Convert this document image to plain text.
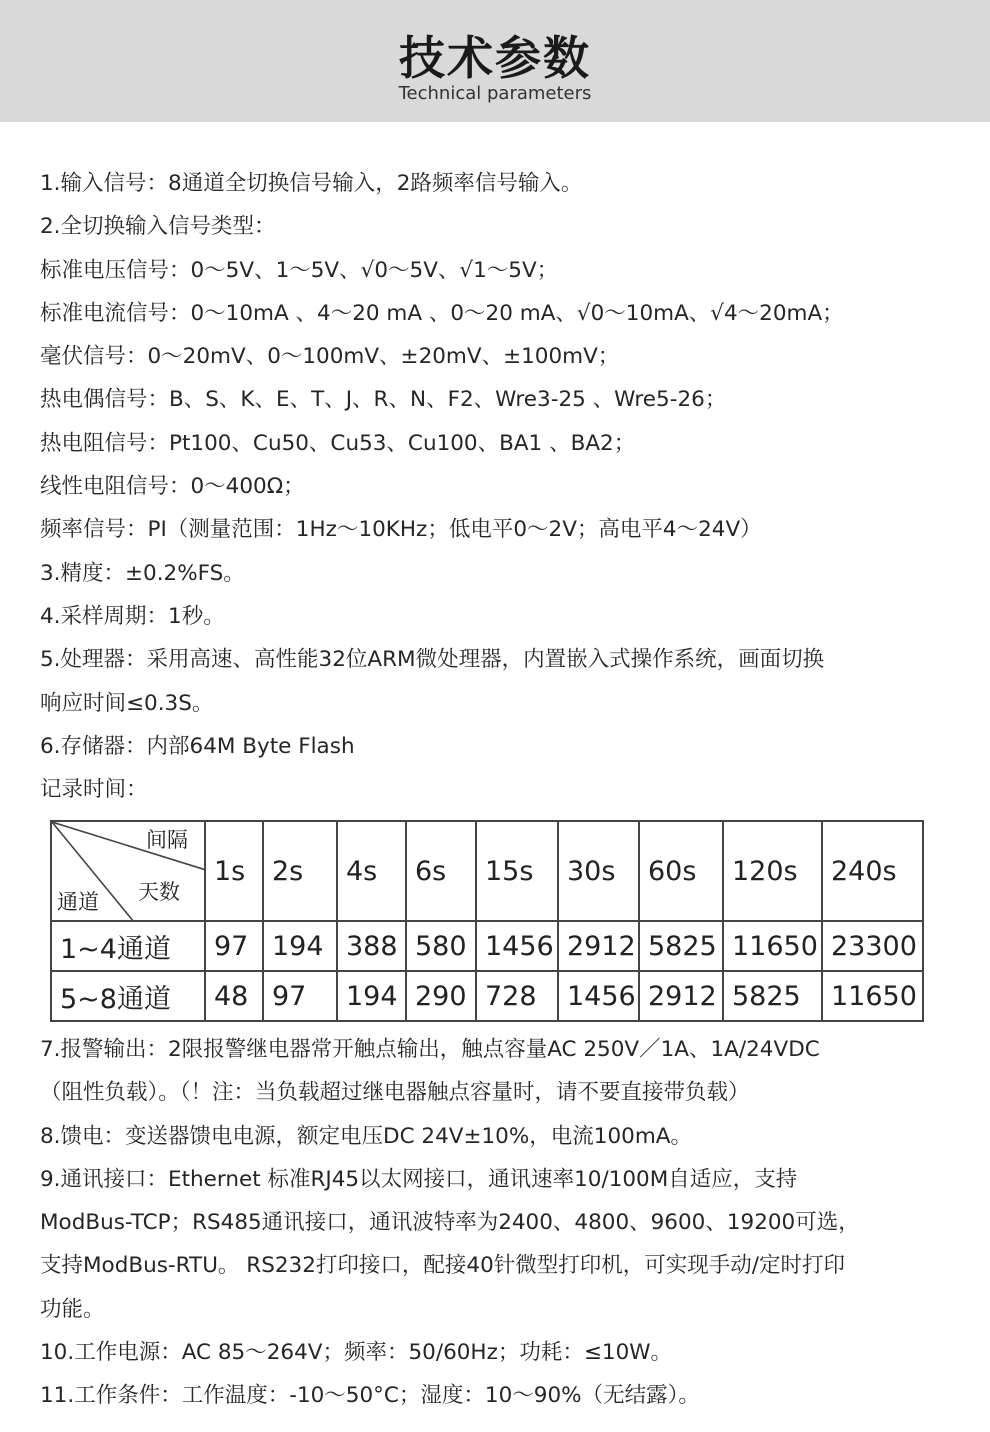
技术参数
Technical parameters
1.输入信号：8通道全切换信号输入，2路频率信号输入。
2.全切换输入信号类型：
标准电压信号：0～5V、1～5V、√0～5V、√1～5V；
标准电流信号：0～10mA 、4～20 mA 、0～20 mA、√0～10mA、√4～20mA；
毫伏信号：0～20mV、0～100mV、±20mV、±100mV；
热电偶信号：B、S、K、E、T、J、R、N、F2、Wre3-25 、Wre5-26；
热电阻信号：Pt100、Cu50、Cu53、Cu100、BA1 、BA2；
线性电阻信号：0～400Ω；
频率信号：PI（测量范围：1Hz～10KHz；低电平0～2V；高电平4～24V）
3.精度：±0.2%FS。
4.采样周期：1秒。
5.处理器：采用高速、高性能32位ARM微处理器，内置嵌入式操作系统，画面切换
响应时间≤0.3S。
6.存储器：内部64M Byte Flash
记录时间：
间隔
天数
通道	1s	2s	4s	6s	15s	30s	60s	120s	240s
1~4通道	97	194	388	580	1456	2912	5825	11650	23300
5~8通道	48	97	194	290	728	1456	2912	5825	11650
7.报警输出：2限报警继电器常开触点输出，触点容量AC 250V／1A、1A/24VDC
（阻性负载）。（！注：当负载超过继电器触点容量时，请不要直接带负载）
8.馈电：变送器馈电电源，额定电压DC 24V±10%，电流100mA。
9.通讯接口：Ethernet 标准RJ45以太网接口，通讯速率10/100M自适应，支持
ModBus-TCP；RS485通讯接口，通讯波特率为2400、4800、9600、19200可选，
支持ModBus-RTU。 RS232打印接口，配接40针微型打印机，可实现手动/定时打印
功能。
10.工作电源：AC 85～264V；频率：50/60Hz；功耗：≤10W。
11.工作条件：工作温度：-10～50°C；湿度：10～90%（无结露）。
